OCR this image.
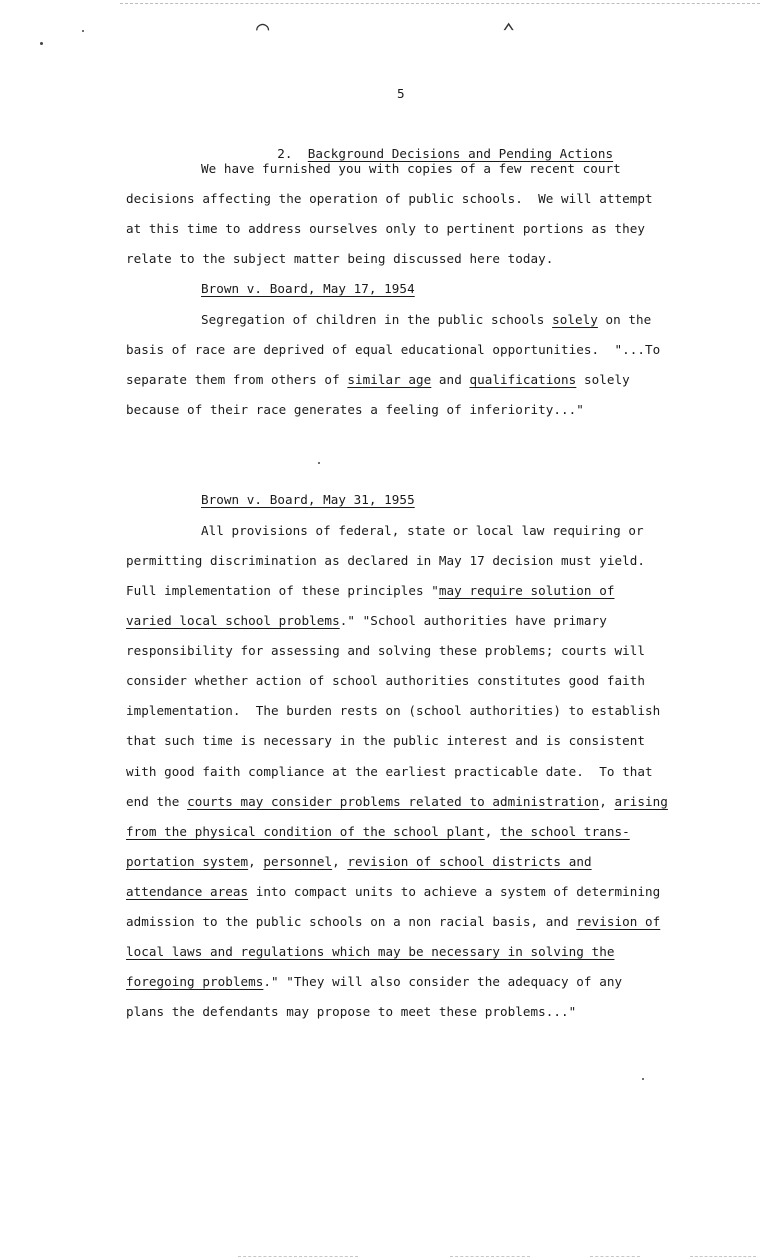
⌒	⌃
5

2. Background Decisions and Pending Actions

We have furnished you with copies of a few recent court
decisions affecting the operation of public schools.  We will attempt
at this time to address ourselves only to pertinent portions as they
relate to the subject matter being discussed here today.
Brown v. Board, May 17, 1954
Segregation of children in the public schools solely on the
basis of race are deprived of equal educational opportunities.  "...To
separate them from others of similar age and qualifications solely
because of their race generates a feeling of inferiority..."
Brown v. Board, May 31, 1955
All provisions of federal, state or local law requiring or
permitting discrimination as declared in May 17 decision must yield.
Full implementation of these principles "may require solution of
varied local school problems." "School authorities have primary
responsibility for assessing and solving these problems; courts will
consider whether action of school authorities constitutes good faith
implementation.  The burden rests on (school authorities) to establish
that such time is necessary in the public interest and is consistent
with good faith compliance at the earliest practicable date.  To that
end the courts may consider problems related to administration, arising
from the physical condition of the school plant, the school trans-
portation system, personnel, revision of school districts and
attendance areas into compact units to achieve a system of determining
admission to the public schools on a non racial basis, and revision of
local laws and regulations which may be necessary in solving the
foregoing problems." "They will also consider the adequacy of any
plans the defendants may propose to meet these problems..."
